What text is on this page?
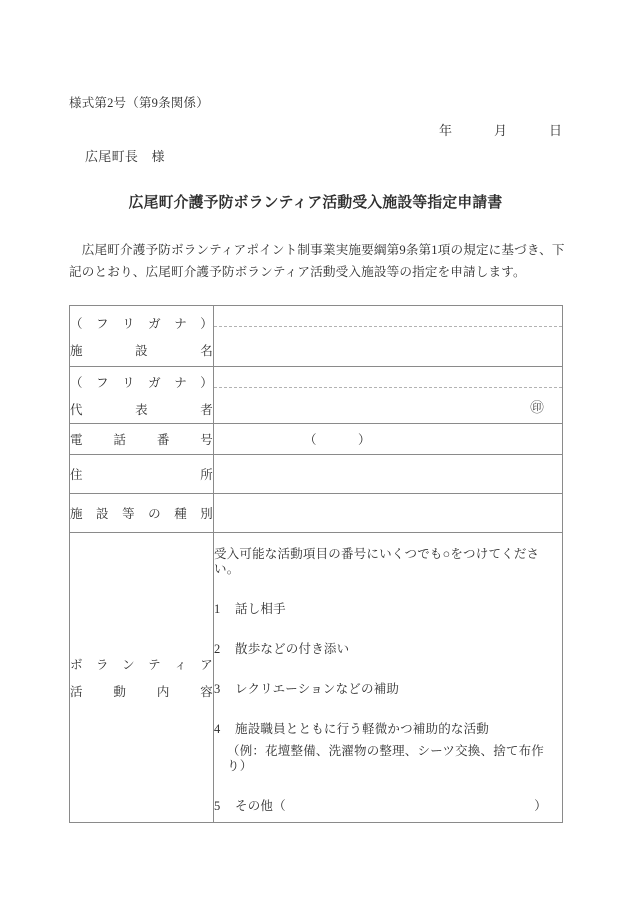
様式第2号（第9条関係）
年	月	日
広尾町長　様
広尾町介護予防ボランティア活動受入施設等指定申請書
　広尾町介護予防ボランティアポイント制事業実施要綱第9条第1項の規定に基づき、下
記のとおり、広尾町介護予防ボランティア活動受入施設等の指定を申請します。
（ フ リ ガ ナ ）
施	設	名

（ フ リ ガ ナ ）
代	表	者	㊞

電 話 番 号	（　　　）

住 所	

施 設 等 の 種 別

ボ ラ ン テ ィ ア
活 動 内 容

受入可能な活動項目の番号にいくつでも○をつけてください。
1	話し相手
2	散歩などの付き添い
3	レクリエーションなどの補助
4	施設職員とともに行う軽微かつ補助的な活動
（例：花壇整備、洗濯物の整理、シーツ交換、捨て布作り）
5	その他（	）
